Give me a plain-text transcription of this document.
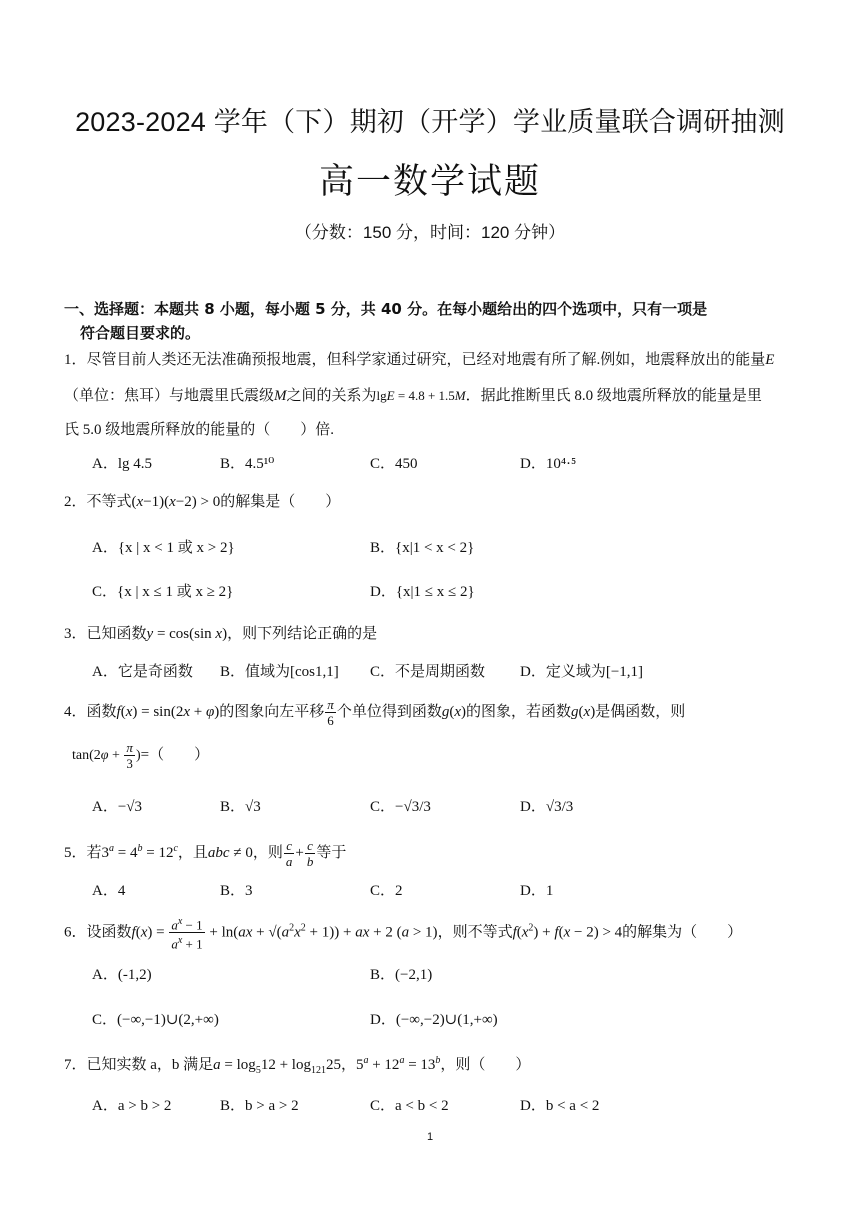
2023-2024 学年（下）期初（开学）学业质量联合调研抽测
高一数学试题
（分数：150 分，时间：120 分钟）
一、选择题：本题共 8 小题，每小题 5 分，共 40 分。在每小题给出的四个选项中，只有一项是
符合题目要求的。
1．尽管目前人类还无法准确预报地震，但科学家通过研究，已经对地震有所了解.例如，地震释放出的能量E
（单位：焦耳）与地震里氏震级M之间的关系为lgE = 4.8 + 1.5M．据此推断里氏 8.0 级地震所释放的能量是里
氏 5.0 级地震所释放的能量的（　　）倍.
A．lg 4.5	B．4.5¹⁰	C．450	D．10⁴·⁵
2．不等式(x−1)(x−2) > 0的解集是（　　）
A．{x | x < 1 或 x > 2}	B．{x|1 < x < 2}
C．{x | x ≤ 1 或 x ≥ 2}	D．{x|1 ≤ x ≤ 2}
3．已知函数y = cos(sin x)，则下列结论正确的是
A．它是奇函数 B．值域为[cos1,1] C．不是周期函数 D．定义域为[−1,1]
4．函数f(x) = sin(2x + φ)的图象向左平移 $\frac{\pi}{6}$ 个单位得到函数g(x)的图象，若函数g(x)是偶函数，则
$\tan(2\varphi + \frac{\pi}{3}$ )=（　　）
A．−√3	B．√3	C．−√3/3	D．√3/3
5．若$3^a = 4^b = 12^c$，且abc ≠ 0，则 $\frac{c}{a} + \frac{c}{b}$ 等于
A．4	B．3	C．2	D．1
6．设函数$f(x) = \frac{a^x - 1}{a^x + 1} + \ln(ax + √(a^2x^2 + 1))$ + ax + 2 (a > 1)，则不等式$f(x^2) + f(x - 2) > 4$的解集为（　　）
A．(-1,2)	B．(−2,1)
C．(−∞,−1)∪(2,+∞)	D．(−∞,−2)∪(1,+∞)
7．已知实数 a，b 满足$a = \log_512 + \log_{121}25$，$5^a + 12^a = 13^b$，则（　　）
A．a > b > 2	B．b > a > 2	C．a < b < 2	D．b < a < 2
1
